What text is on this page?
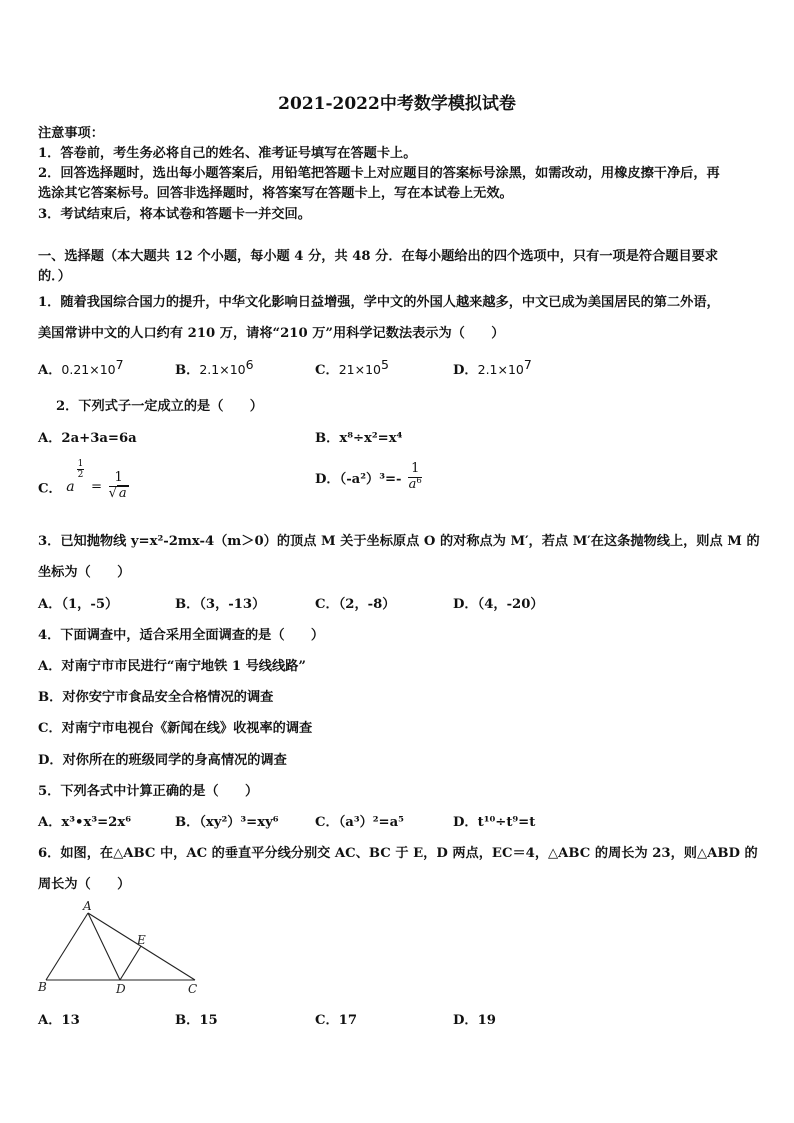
2021-2022中考数学模拟试卷
注意事项：
1．答卷前，考生务必将自己的姓名、准考证号填写在答题卡上。
2．回答选择题时，选出每小题答案后，用铅笔把答题卡上对应题目的答案标号涂黑，如需改动，用橡皮擦干净后，再
选涂其它答案标号。回答非选择题时，将答案写在答题卡上，写在本试卷上无效。
3．考试结束后，将本试卷和答题卡一并交回。
一、选择题（本大题共 12 个小题，每小题 4 分，共 48 分．在每小题给出的四个选项中，只有一项是符合题目要求
的．）
1．随着我国综合国力的提升，中华文化影响日益增强，学中文的外国人越来越多，中文已成为美国居民的第二外语，
美国常讲中文的人口约有 210 万，请将“210 万”用科学记数法表示为（　　）
A．$0.21\times 10^7$	B．$2.1\times 10^6$	C．$21\times 10^5$	D．$2.1\times 10^7$
2．下列式子一定成立的是（　　）
A．2a+3a=6a	B．x⁸÷x²=x⁴
C． a
$\frac{1}{2}$
= $\frac{1}{√ a}$	D．$(-a^2)^3=- \frac{1}{a^6}$
3．已知抛物线 y=x²-2mx-4（m＞0）的顶点 M 关于坐标原点 O 的对称点为 M′，若点 M′在这条抛物线上，则点 M 的
坐标为（　　）
A．（1，-5）	B．（3，-13）	C．（2，-8）	D．（4，-20）
4．下面调查中，适合采用全面调查的是（　　）
A．对南宁市市民进行“南宁地铁 1 号线线路”
B．对你安宁市食品安全合格情况的调查
C．对南宁市电视台《新闻在线》收视率的调查
D．对你所在的班级同学的身高情况的调查
5．下列各式中计算正确的是（　　）
A．x³•x³=2x⁶	B．（xy²）³=xy⁶	C．（a³）²=a⁵	D．t¹⁰÷t⁹=t
6．如图，在△ABC 中，AC 的垂直平分线分别交 AC、BC 于 E，D 两点，EC＝4，△ABC 的周长为 23，则△ABD 的
周长为（　　）
A
B	C
D
E
A．13	B．15	C．17	D．19
